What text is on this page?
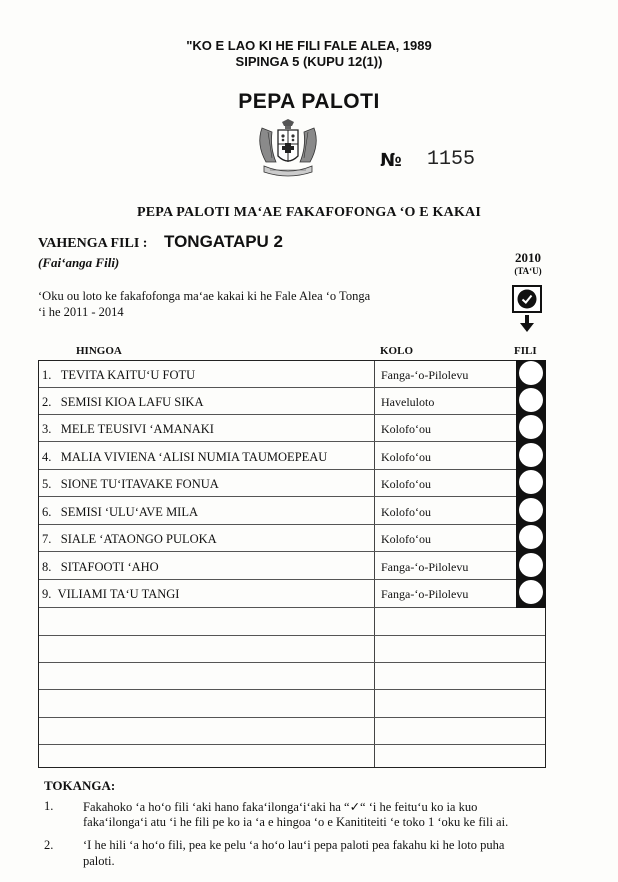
"KO E LAO KI HE FILI FALE ALEA, 1989
SIPINGA 5 (KUPU 12(1))
PEPA PALOTI
№ 1155
PEPA PALOTI MA‘AE FAKAFOFONGA ‘O E KAKAI
VAHENGA FILI : TONGATAPU 2
(Fai‘anga Fili)	2010
(TA‘U)
‘Oku ou loto ke fakafofonga ma‘ae kakai ki he Fale Alea ‘o Tonga
‘i he 2011 - 2014
HINGOA	KOLO	FILI
1. TEVITA KAITU‘U FOTU	Fanga-‘o-Pilolevu
2. SEMISI KIOA LAFU SIKA	Haveluloto
3. MELE TEUSIVI ‘AMANAKI	Kolofo‘ou
4. MALIA VIVIENA ‘ALISI NUMIA TAUMOEPEAU	Kolofo‘ou
5. SIONE TU‘ITAVAKE FONUA	Kolofo‘ou
6. SEMISI ‘ULU‘AVE MILA	Kolofo‘ou
7. SIALE ‘ATAONGO PULOKA	Kolofo‘ou
8. SITAFOOTI ‘AHO	Fanga-‘o-Pilolevu
9. VILIAMI TA‘U TANGI	Fanga-‘o-Pilolevu
TOKANGA:
1. Fakahoko ‘a ho‘o fili ‘aki hano faka‘ilonga‘i‘aki ha “✓“ ‘i he feitu‘u ko ia kuo
faka‘ilonga‘i atu ‘i he fili pe ko ia ‘a e hingoa ‘o e Kanititeiti ‘e toko 1 ‘oku ke fili ai.
2. ‘I he hili ‘a ho‘o fili, pea ke pelu ‘a ho‘o lau‘i pepa paloti pea fakahu ki he loto puha
paloti.
